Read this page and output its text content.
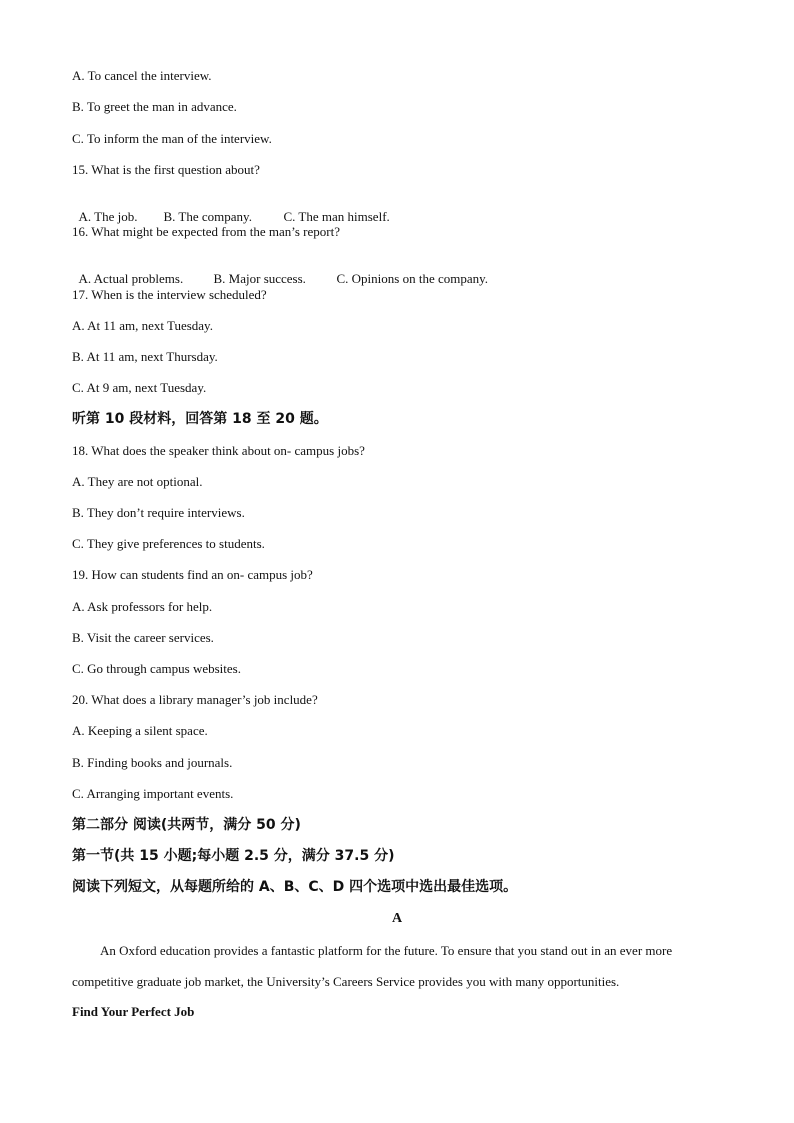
A. To cancel the interview.
B. To greet the man in advance.
C. To inform the man of the interview.
15. What is the first question about?

A. The job. B. The company. C. The man himself.

16. What might be expected from the man’s report?

A. Actual problems. B. Major success. C. Opinions on the company.

17. When is the interview scheduled?
A. At 11 am, next Tuesday.
B. At 11 am, next Thursday.
C. At 9 am, next Tuesday.
听第 10 段材料，回答第 18 至 20 题。
18. What does the speaker think about on- campus jobs?
A. They are not optional.
B. They don’t require interviews.
C. They give preferences to students.
19. How can students find an on- campus job?
A. Ask professors for help.
B. Visit the career services.
C. Go through campus websites.
20. What does a library manager’s job include?
A. Keeping a silent space.
B. Finding books and journals.
C. Arranging important events.
第二部分 阅读(共两节，满分 50 分)
第一节(共 15 小题;每小题 2.5 分，满分 37.5 分)
阅读下列短文，从每题所给的 A、B、C、D 四个选项中选出最佳选项。
A
An Oxford education provides a fantastic platform for the future. To ensure that you stand out in an ever more competitive graduate job market, the University’s Careers Service provides you with many opportunities.
Find Your Perfect Job
